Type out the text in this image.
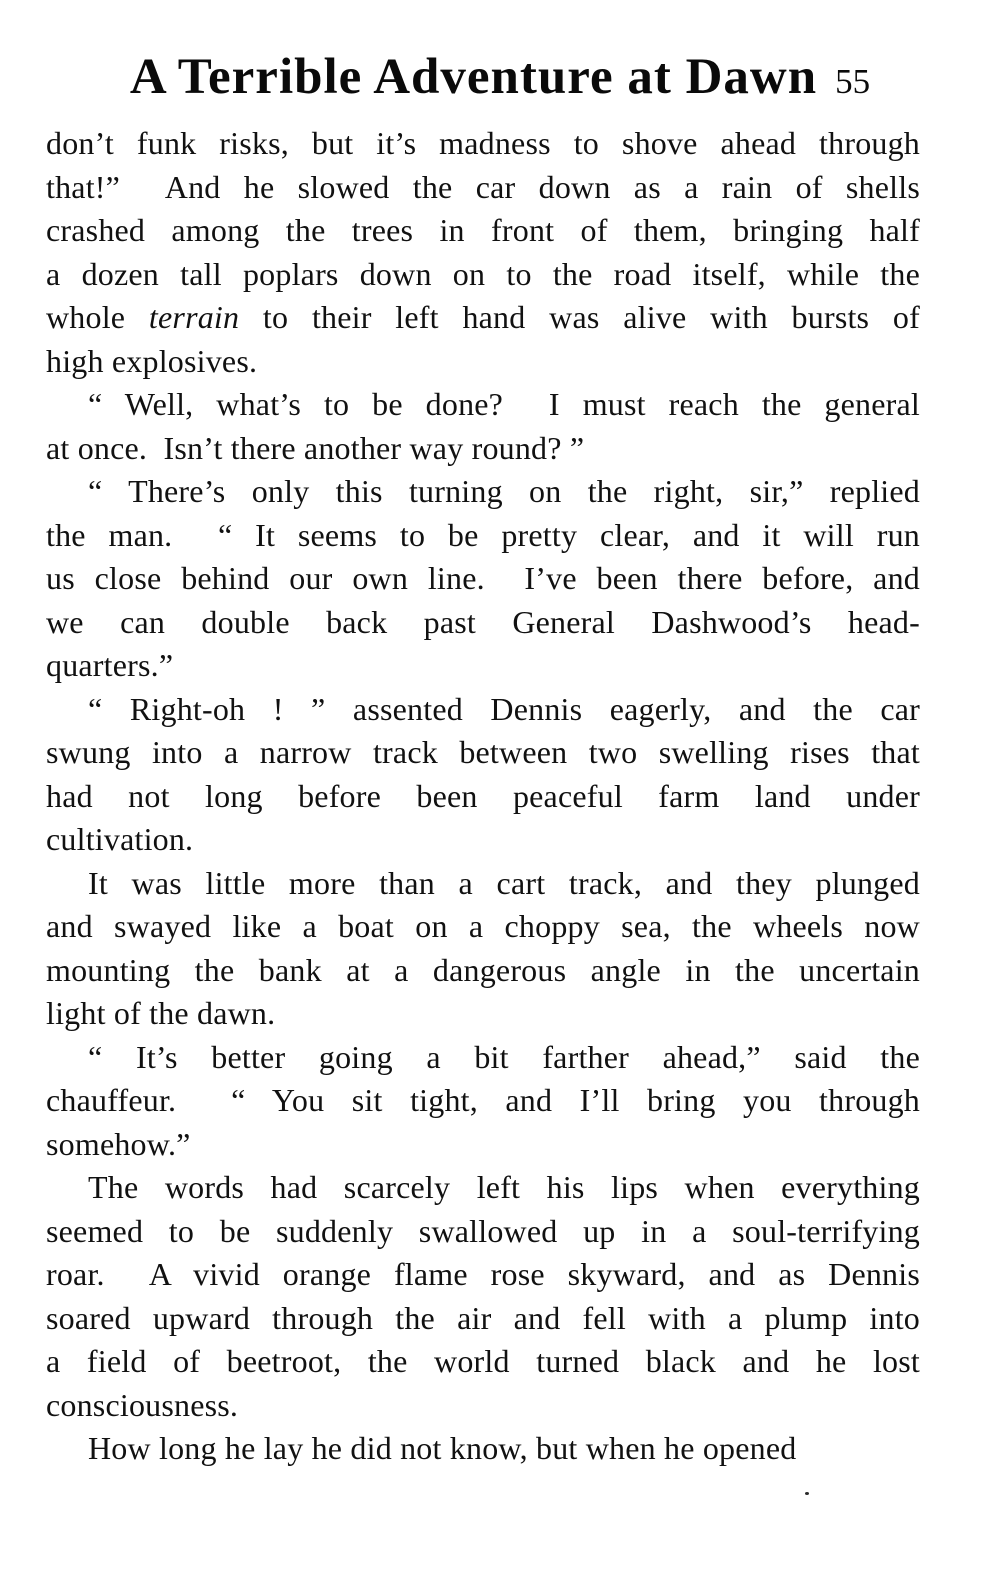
A Terrible Adventure at Dawn 55
don’t funk risks, but it’s madness to shove ahead through
that!”  And he slowed the car down as a rain of shells
crashed among the trees in front of them, bringing half
a dozen tall poplars down on to the road itself, while the
whole terrain to their left hand was alive with bursts of
high explosives.
“ Well, what’s to be done?  I must reach the general
at once.  Isn’t there another way round? ”
“ There’s only this turning on the right, sir,” replied
the man.  “ It seems to be pretty clear, and it will run
us close behind our own line.  I’ve been there before, and
we can double back past General Dashwood’s head-
quarters.”
“ Right-oh ! ” assented Dennis eagerly, and the car
swung into a narrow track between two swelling rises that
had not long before been peaceful farm land under
cultivation.
It was little more than a cart track, and they plunged
and swayed like a boat on a choppy sea, the wheels now
mounting the bank at a dangerous angle in the uncertain
light of the dawn.
“ It’s better going a bit farther ahead,” said the
chauffeur.  “ You sit tight, and I’ll bring you through
somehow.”
The words had scarcely left his lips when everything
seemed to be suddenly swallowed up in a soul-terrifying
roar.  A vivid orange flame rose skyward, and as Dennis
soared upward through the air and fell with a plump into
a field of beetroot, the world turned black and he lost
consciousness.
How long he lay he did not know, but when he opened
